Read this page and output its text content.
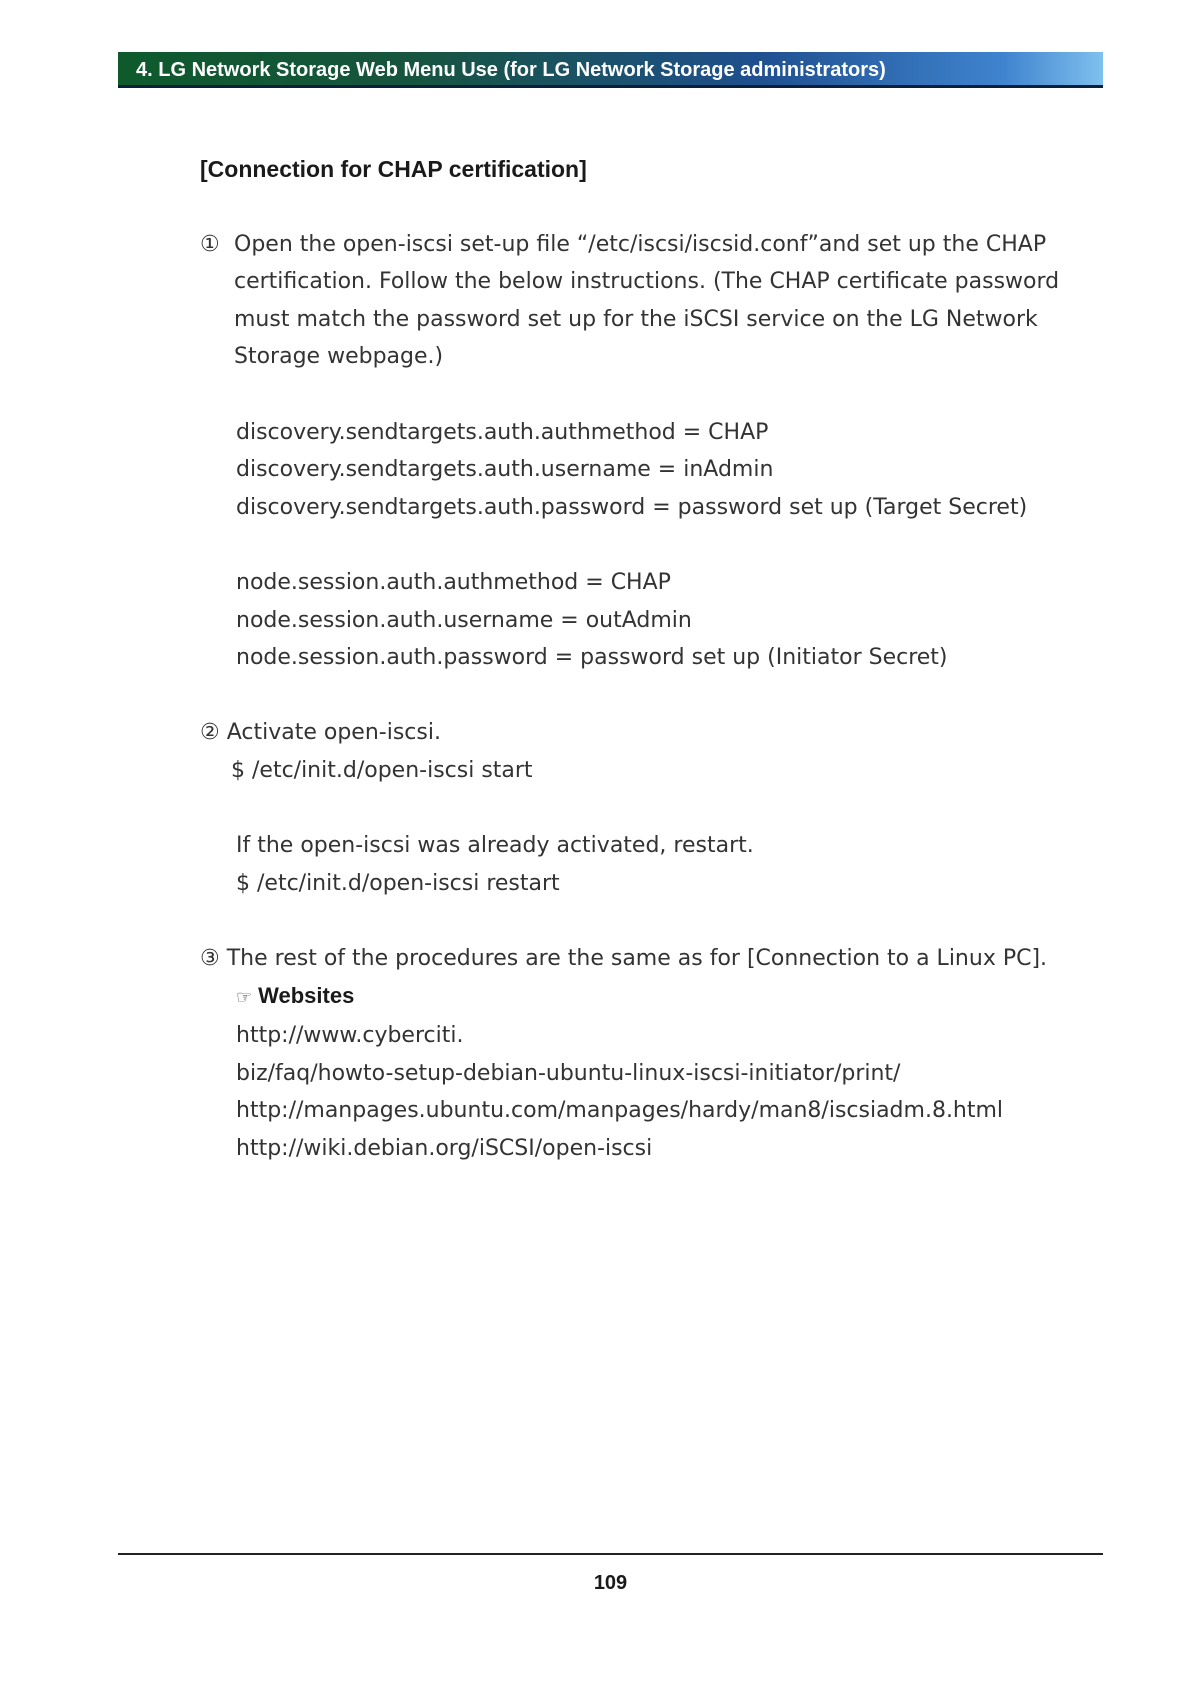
4. LG Network Storage Web Menu Use (for LG Network Storage administrators)
[Connection for CHAP certification]
① Open the open-iscsi set-up file “/etc/iscsi/iscsid.conf”and set up the CHAP
certification. Follow the below instructions. (The CHAP certificate password
must match the password set up for the iSCSI service on the LG Network
Storage webpage.)
discovery.sendtargets.auth.authmethod = CHAP
discovery.sendtargets.auth.username = inAdmin
discovery.sendtargets.auth.password = password set up (Target Secret)
node.session.auth.authmethod = CHAP
node.session.auth.username = outAdmin
node.session.auth.password = password set up (Initiator Secret)
② Activate open-iscsi.
$ /etc/init.d/open-iscsi start
If the open-iscsi was already activated, restart.
$ /etc/init.d/open-iscsi restart
③ The rest of the procedures are the same as for [Connection to a Linux PC].
☞ Websites
http://www.cyberciti.
biz/faq/howto-setup-debian-ubuntu-linux-iscsi-initiator/print/
http://manpages.ubuntu.com/manpages/hardy/man8/iscsiadm.8.html
http://wiki.debian.org/iSCSI/open-iscsi
109
